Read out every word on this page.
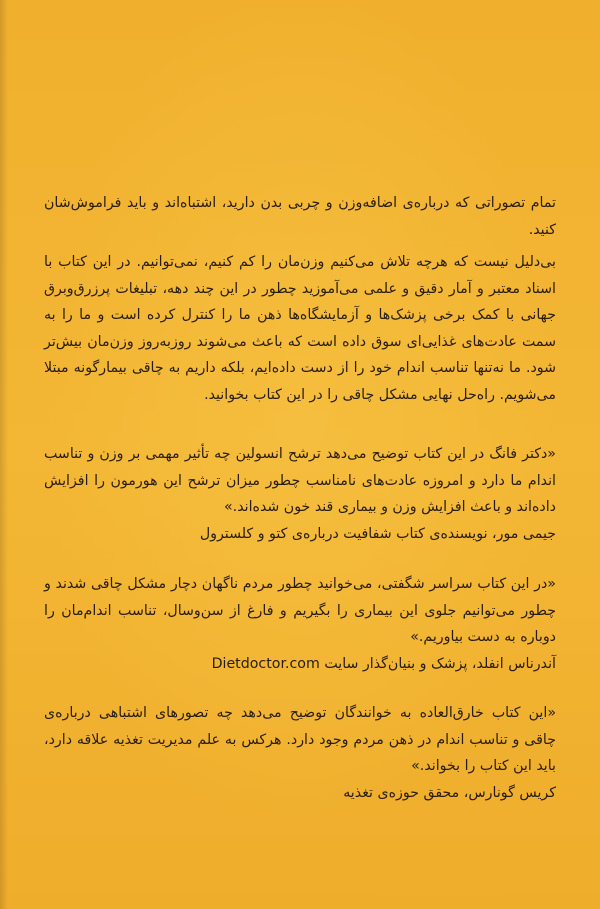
تمام تصوراتی که درباره‌ی اضافه‌وزن و چربی بدن دارید، اشتباه‌اند و باید فراموش‌شان کنید.

بی‌دلیل نیست که هرچه تلاش می‌کنیم وزن‌مان را کم کنیم، نمی‌توانیم. در این کتاب با اسناد معتبر و آمار دقیق و علمی می‌آموزید چطور در این چند دهه، تبلیغات پرزرق‌وبرق جهانی با کمک برخی پزشک‌ها و آزمایشگاه‌ها ذهن ما را کنترل کرده است و ما را به سمت عادت‌های غذایی‌ای سوق داده است که باعث می‌شوند روزبه‌روز وزن‌مان بیش‌تر شود. ما نه‌تنها تناسب اندام خود را از دست داده‌ایم، بلکه داریم به چاقی بیمارگونه مبتلا می‌شویم. راه‌حل نهایی مشکل چاقی را در این کتاب بخوانید.

«دکتر فانگ در این کتاب توضیح می‌دهد ترشح انسولین چه تأثیر مهمی بر وزن و تناسب اندام ما دارد و امروزه عادت‌های نامناسب چطور میزان ترشح این هورمون را افزایش داده‌اند و باعث افزایش وزن و بیماری قند خون شده‌اند.»
جیمی مور، نویسنده‌ی کتاب شفافیت درباره‌ی کتو و کلسترول
«در این کتاب سراسر شگفتی، می‌خوانید چطور مردم ناگهان دچار مشکل چاقی شدند و چطور می‌توانیم جلوی این بیماری را بگیریم و فارغ از سن‌وسال، تناسب اندام‌مان را دوباره به دست بیاوریم.»
آندرناس انفلد، پزشک و بنیان‌گذار سایت Dietdoctor.com
«این کتاب خارق‌العاده به خوانندگان توضیح می‌دهد چه تصورهای اشتباهی درباره‌ی چاقی و تناسب اندام در ذهن مردم وجود دارد. هرکس به علم مدیریت تغذیه علاقه دارد، باید این کتاب را بخواند.»
کریس گونارس، محقق حوزه‌ی تغذیه
